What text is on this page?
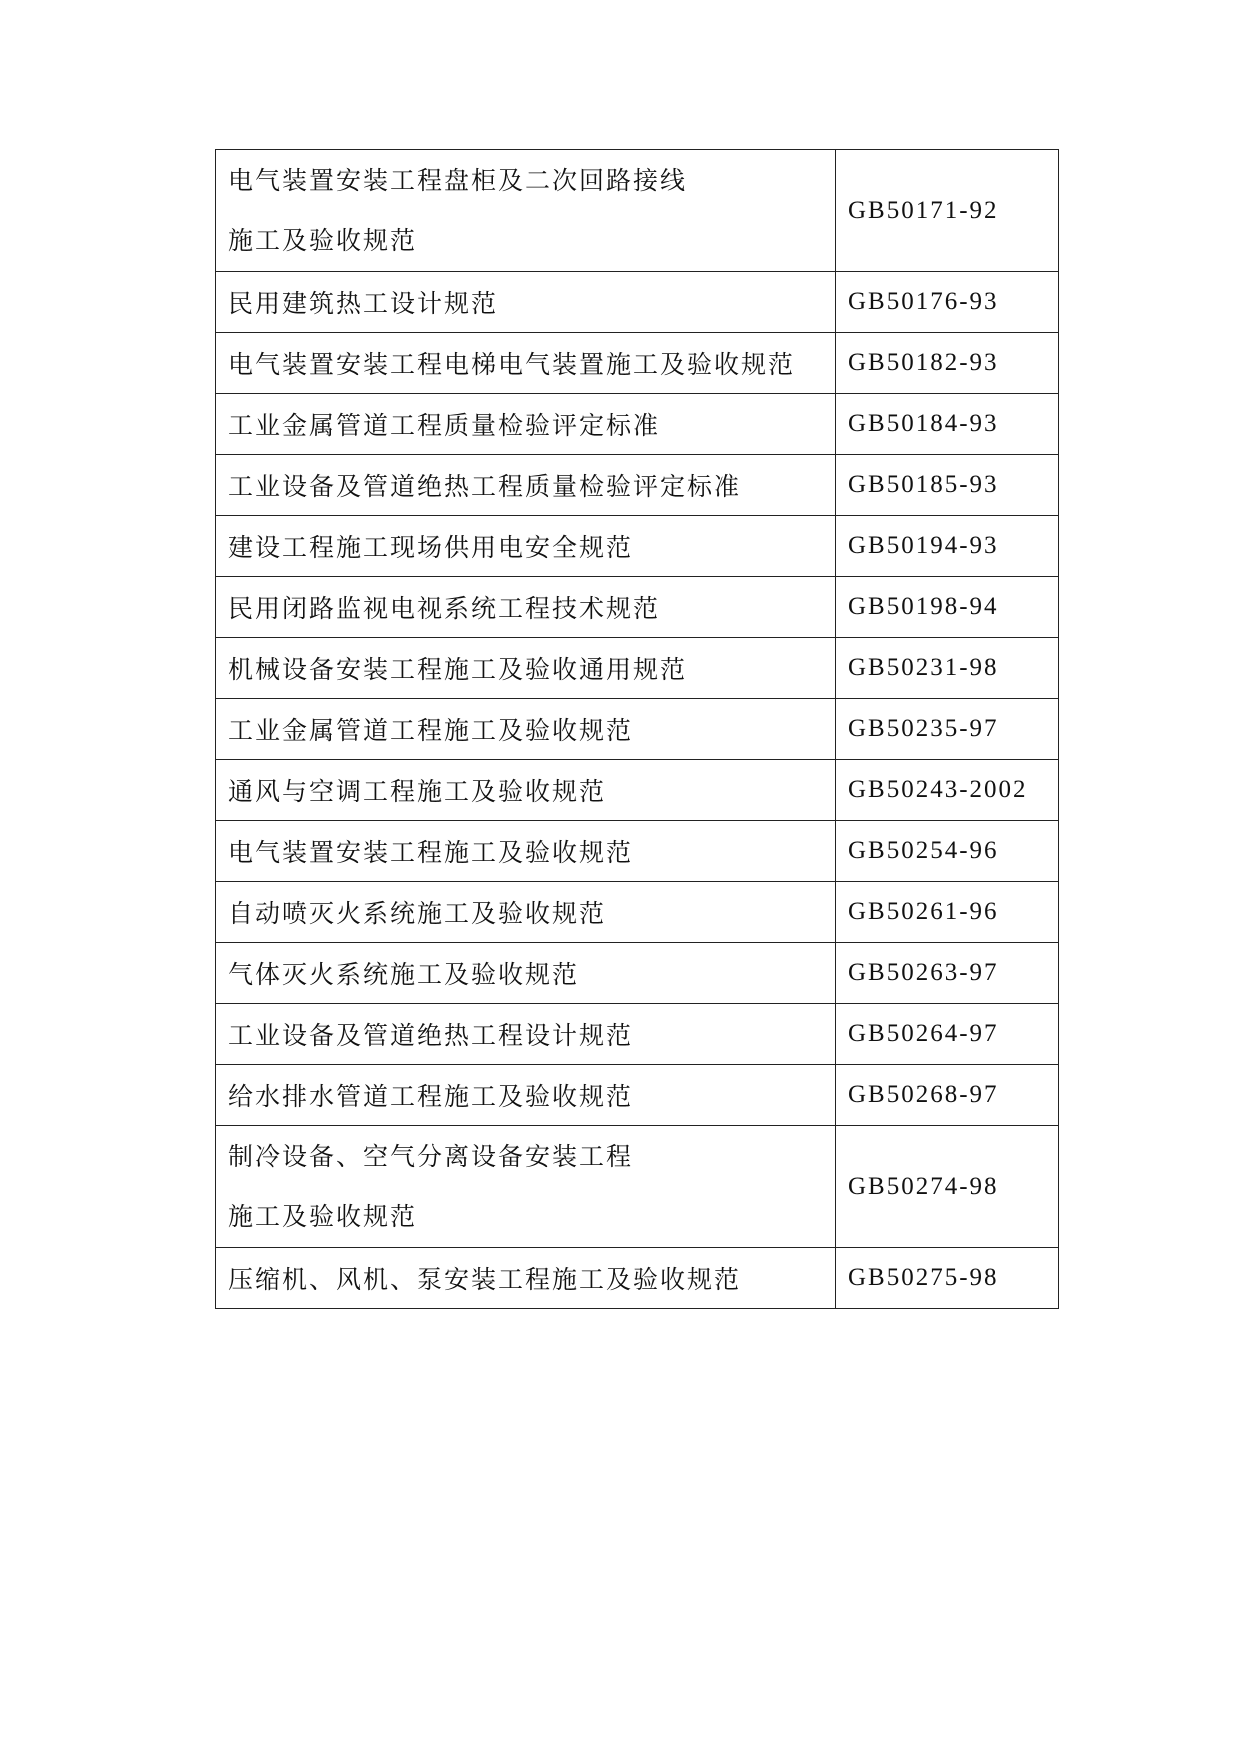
电气装置安装工程盘柜及二次回路接线
施工及验收规范	GB50171-92
民用建筑热工设计规范	GB50176-93
电气装置安装工程电梯电气装置施工及验收规范	GB50182-93
工业金属管道工程质量检验评定标准	GB50184-93
工业设备及管道绝热工程质量检验评定标准	GB50185-93
建设工程施工现场供用电安全规范	GB50194-93
民用闭路监视电视系统工程技术规范	GB50198-94
机械设备安装工程施工及验收通用规范	GB50231-98
工业金属管道工程施工及验收规范	GB50235-97
通风与空调工程施工及验收规范	GB50243-2002
电气装置安装工程施工及验收规范	GB50254-96
自动喷灭火系统施工及验收规范	GB50261-96
气体灭火系统施工及验收规范	GB50263-97
工业设备及管道绝热工程设计规范	GB50264-97
给水排水管道工程施工及验收规范	GB50268-97

制冷设备、空气分离设备安装工程
施工及验收规范	GB50274-98
压缩机、风机、泵安装工程施工及验收规范	GB50275-98
